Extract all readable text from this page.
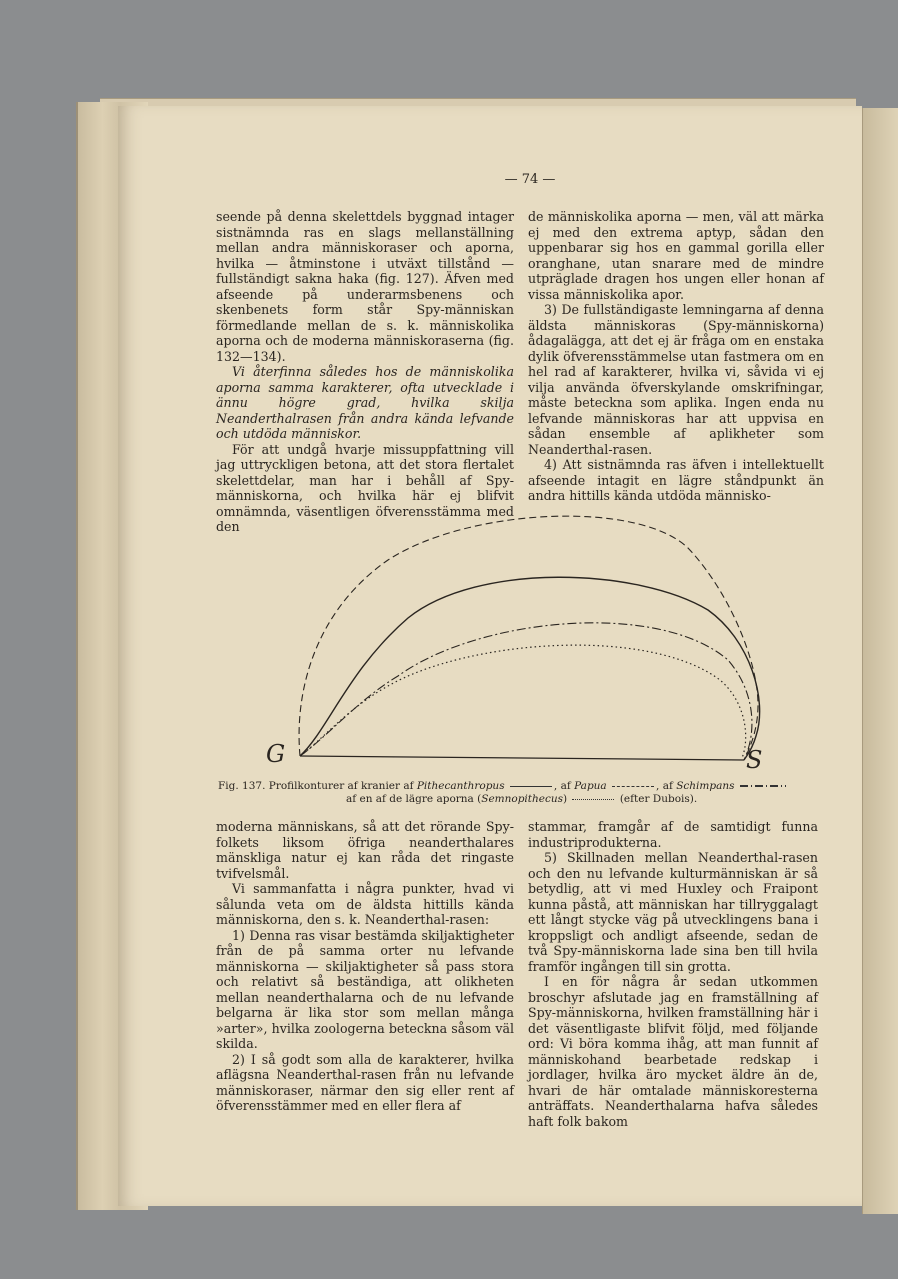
— 74 —

seende på denna skelettdels byggnad intager sistnämnda ras en slags mellanställning mellan andra människoraser och aporna, hvilka — åtminstone i utväxt tillstånd — fullständigt sakna haka (fig. 127). Äfven med afseende på underarmsbenens och skenbenets form står Spy-människan förmedlande mellan de s. k. människolika aporna och de moderna människoraserna (fig. 132—134).

Vi återfinna således hos de människolika aporna samma karakterer, ofta utvecklade i ännu högre grad, hvilka skilja Neanderthalrasen från andra kända lefvande och utdöda människor.

För att undgå hvarje missuppfattning vill jag uttryckligen betona, att det stora flertalet skelettdelar, man har i behåll af Spy-människorna, och hvilka här ej blifvit omnämnda, väsentligen öfverensstämma med den

de människolika aporna — men, väl att märka ej med den extrema aptyp, sådan den uppenbarar sig hos en gammal gorilla eller oranghane, utan snarare med de mindre utpräglade dragen hos ungen eller honan af vissa människolika apor.

3) De fullständigaste lemningarna af denna äldsta människoras (Spy-människorna) ådagalägga, att det ej är fråga om en enstaka dylik öfverensstämmelse utan fastmera om en hel rad af karakterer, hvilka vi, såvida vi ej vilja använda öfverskylande omskrifningar, måste beteckna som aplika. Ingen enda nu lefvande människoras har att uppvisa en sådan ensemble af aplikheter som Neanderthal-rasen.

4) Att sistnämnda ras äfven i intellektuellt afseende intagit en lägre ståndpunkt än andra hittills kända utdöda människo-

G	S
Fig. 137. Profilkonturer af kranier af Pithecanthropus	, af Papua	, af Schimpans
af en af de lägre aporna (Semnopithecus)	(efter Dubois).

moderna människans, så att det rörande Spy-folkets liksom öfriga neanderthalares mänskliga natur ej kan råda det ringaste tvifvelsmål.

Vi sammanfatta i några punkter, hvad vi sålunda veta om de äldsta hittills kända människorna, den s. k. Neanderthal-rasen:

1) Denna ras visar bestämda skiljaktigheter från de på samma orter nu lefvande människorna — skiljaktigheter så pass stora och relativt så beständiga, att olikheten mellan neanderthalarna och de nu lefvande belgarna är lika stor som mellan många »arter», hvilka zoologerna beteckna såsom väl skilda.

2) I så godt som alla de karakterer, hvilka aflägsna Neanderthal-rasen från nu lefvande människoraser, närmar den sig eller rent af öfverensstämmer med en eller flera af

stammar, framgår af de samtidigt funna industriprodukterna.

5) Skillnaden mellan Neanderthal-rasen och den nu lefvande kulturmänniskan är så betydlig, att vi med Huxley och Fraipont kunna påstå, att människan har tillryggalagt ett långt stycke väg på utvecklingens bana i kroppsligt och andligt afseende, sedan de två Spy-människorna lade sina ben till hvila framför ingången till sin grotta.

I en för några år sedan utkommen broschyr afslutade jag en framställning af Spy-människorna, hvilken framställning här i det väsentligaste blifvit följd, med följande ord: Vi böra komma ihåg, att man funnit af människohand bearbetade redskap i jordlager, hvilka äro mycket äldre än de, hvari de här omtalade människoresterna anträffats. Neanderthalarna hafva således haft folk bakom
